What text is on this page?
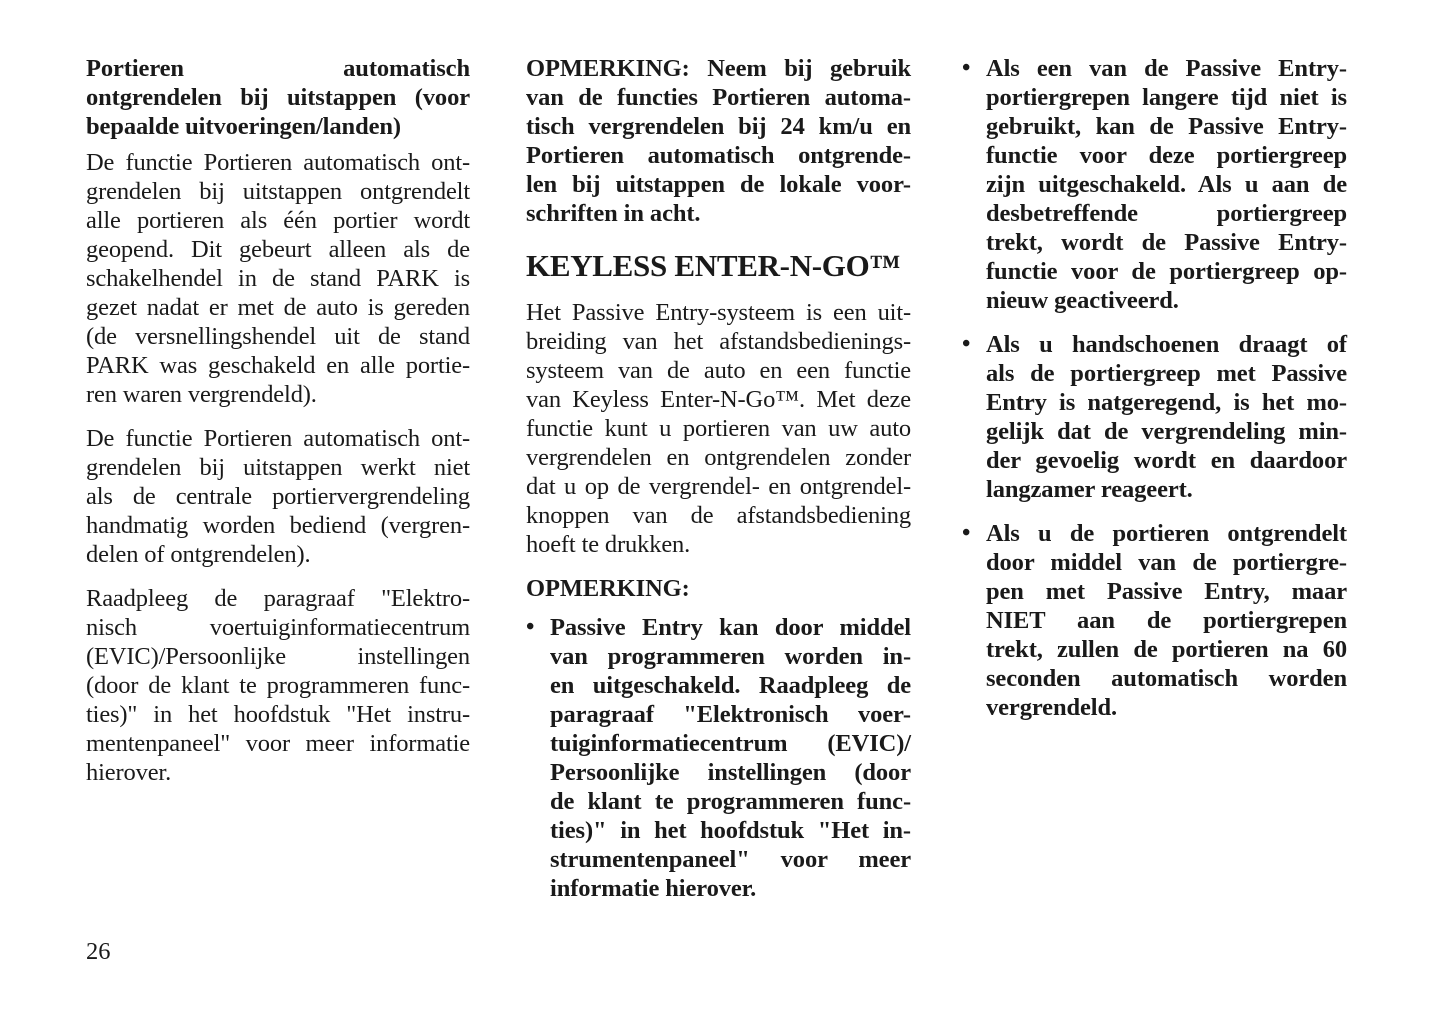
Portieren automatisch
ontgrendelen bij uitstappen (voor
bepaalde uitvoeringen/landen)
De functie Portieren automatisch ont-
grendelen bij uitstappen ontgrendelt
alle portieren als één portier wordt
geopend. Dit gebeurt alleen als de
schakelhendel in de stand PARK is
gezet nadat er met de auto is gereden
(de versnellingshendel uit de stand
PARK was geschakeld en alle portie-
ren waren vergrendeld).
De functie Portieren automatisch ont-
grendelen bij uitstappen werkt niet
als de centrale portiervergrendeling
handmatig worden bediend (vergren-
delen of ontgrendelen).
Raadpleeg de paragraaf "Elektro-
nisch voertuiginformatiecentrum
(EVIC)/Persoonlijke instellingen
(door de klant te programmeren func-
ties)" in het hoofdstuk "Het instru-
mentenpaneel" voor meer informatie
hierover.
OPMERKING: Neem bij gebruik
van de functies Portieren automa-
tisch vergrendelen bij 24 km/u en
Portieren automatisch ontgrende-
len bij uitstappen de lokale voor-
schriften in acht.
KEYLESS ENTER-N-GO™
Het Passive Entry-systeem is een uit-
breiding van het afstandsbedienings-
systeem van de auto en een functie
van Keyless Enter-N-Go™. Met deze
functie kunt u portieren van uw auto
vergrendelen en ontgrendelen zonder
dat u op de vergrendel- en ontgrendel-
knoppen van de afstandsbediening
hoeft te drukken.
OPMERKING:
• Passive Entry kan door middel
van programmeren worden in-
en uitgeschakeld. Raadpleeg de
paragraaf "Elektronisch voer-
tuiginformatiecentrum (EVIC)/
Persoonlijke instellingen (door
de klant te programmeren func-
ties)" in het hoofdstuk "Het in-
strumentenpaneel" voor meer
informatie hierover.
• Als een van de Passive Entry-
portiergrepen langere tijd niet is
gebruikt, kan de Passive Entry-
functie voor deze portiergreep
zijn uitgeschakeld. Als u aan de
desbetreffende portiergreep
trekt, wordt de Passive Entry-
functie voor de portiergreep op-
nieuw geactiveerd.
• Als u handschoenen draagt of
als de portiergreep met Passive
Entry is natgeregend, is het mo-
gelijk dat de vergrendeling min-
der gevoelig wordt en daardoor
langzamer reageert.
• Als u de portieren ontgrendelt
door middel van de portiergre-
pen met Passive Entry, maar
NIET aan de portiergrepen
trekt, zullen de portieren na 60
seconden automatisch worden
vergrendeld.
26
